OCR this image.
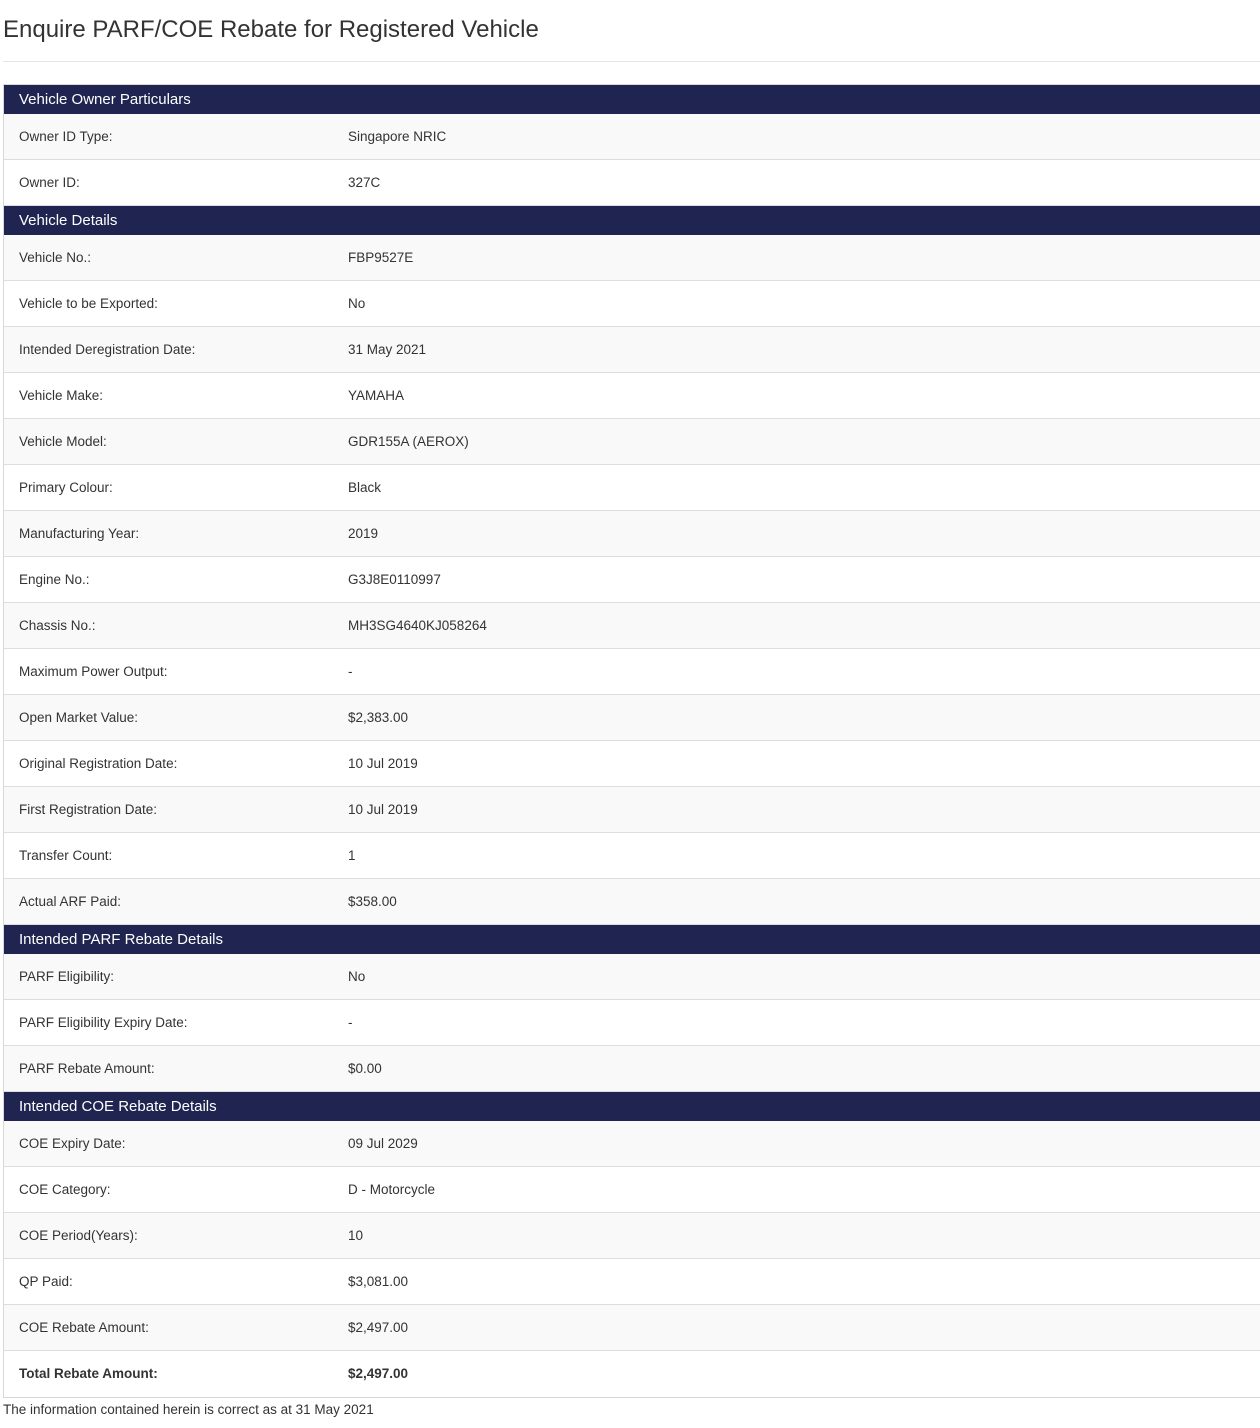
Enquire PARF/COE Rebate for Registered Vehicle
Vehicle Owner Particulars
Owner ID Type:	Singapore NRIC
Owner ID:	327C
Vehicle Details
Vehicle No.:	FBP9527E
Vehicle to be Exported:	No
Intended Deregistration Date:	31 May 2021
Vehicle Make:	YAMAHA
Vehicle Model:	GDR155A (AEROX)
Primary Colour:	Black
Manufacturing Year:	2019
Engine No.:	G3J8E0110997
Chassis No.:	MH3SG4640KJ058264
Maximum Power Output:	-
Open Market Value:	$2,383.00
Original Registration Date:	10 Jul 2019
First Registration Date:	10 Jul 2019
Transfer Count:	1
Actual ARF Paid:	$358.00
Intended PARF Rebate Details
PARF Eligibility:	No
PARF Eligibility Expiry Date:	-
PARF Rebate Amount:	$0.00
Intended COE Rebate Details
COE Expiry Date:	09 Jul 2029
COE Category:	D - Motorcycle
COE Period(Years):	10
QP Paid:	$3,081.00
COE Rebate Amount:	$2,497.00
Total Rebate Amount:	$2,497.00
The information contained herein is correct as at 31 May 2021
